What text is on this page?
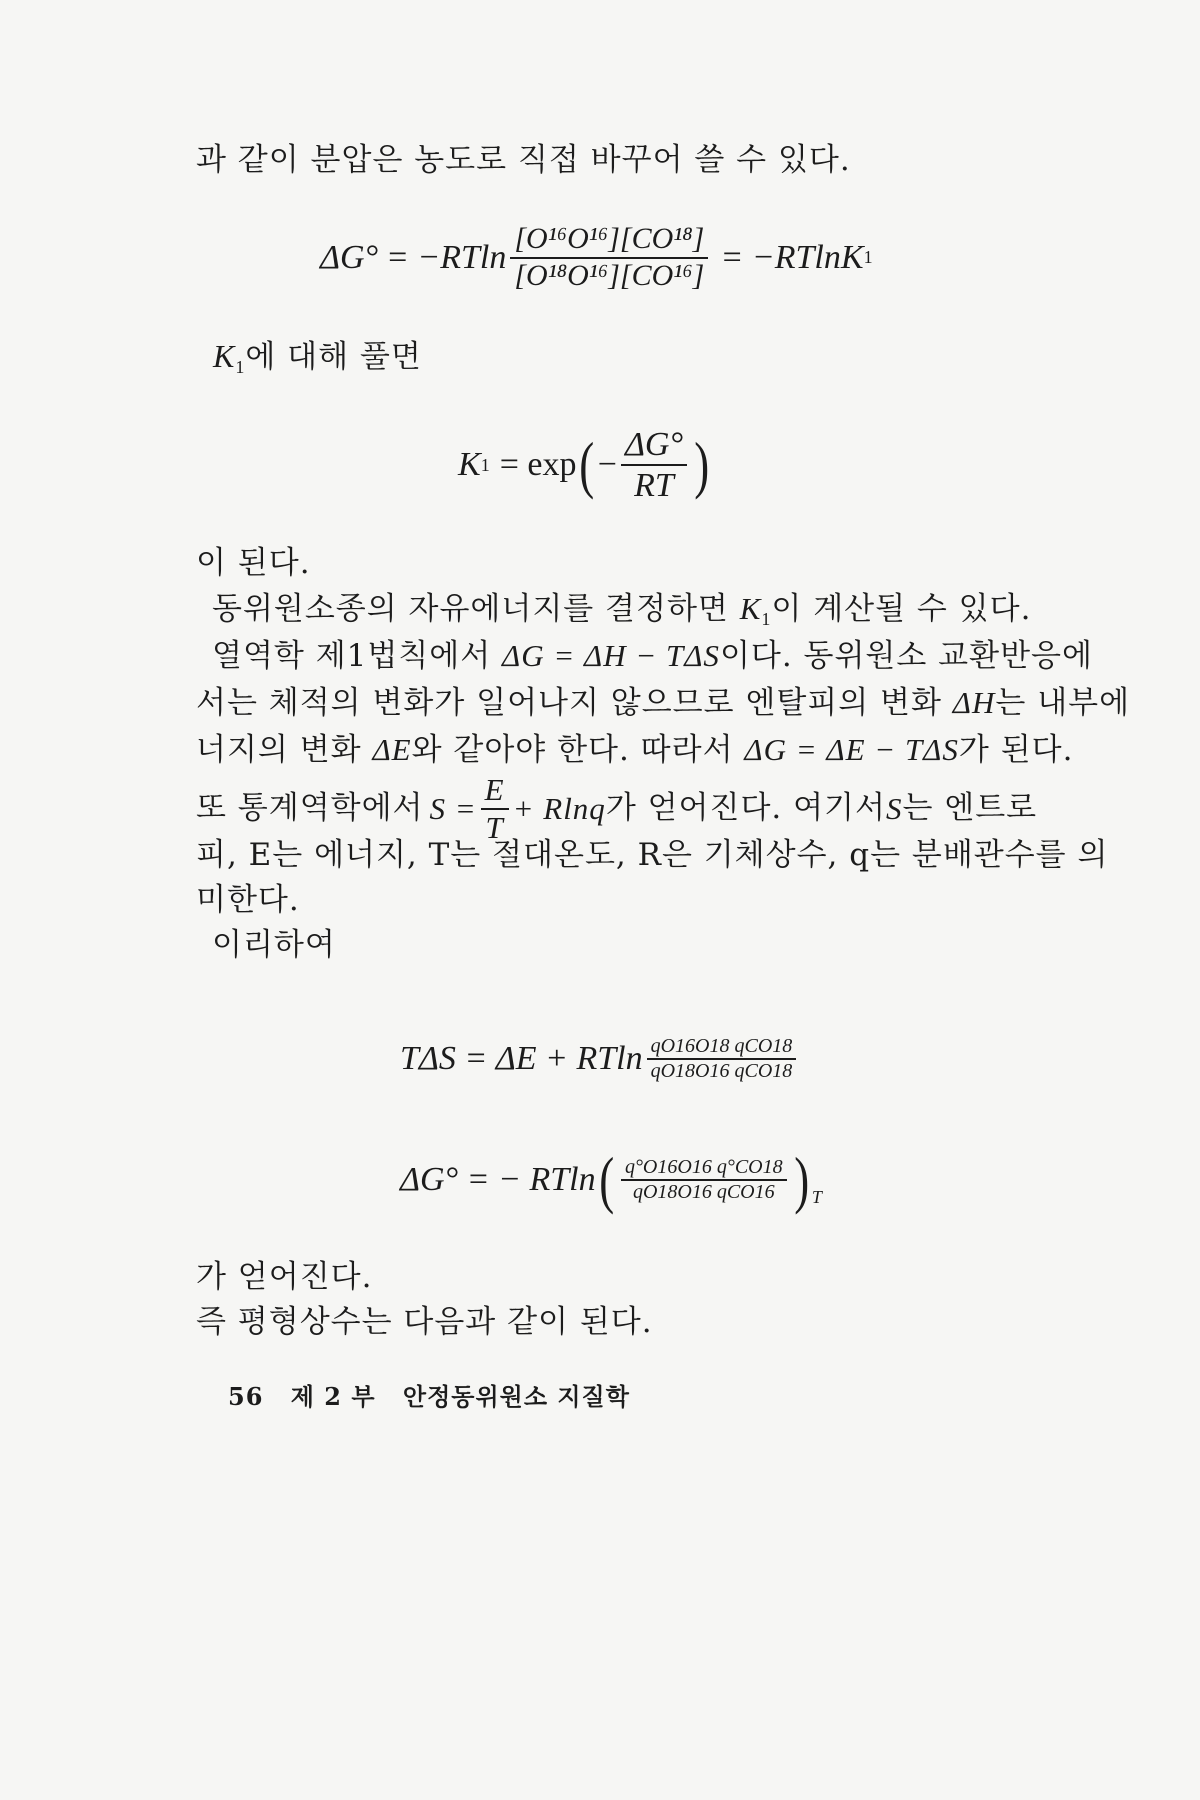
과 같이 분압은 농도로 직접 바꾸어 쓸 수 있다.
$\Delta G^\circ = -RTln \frac{\text{[O¹⁶O¹⁶][CO¹⁸]}}{\text{[O¹⁸O¹⁶][CO¹⁶]}} = -RTlnK$ 1
$K_1$에 대해 풀면
K 1 = exp ( − $\frac{\Delta G^\circ}{RT}$ )
이 된다.
동위원소종의 자유에너지를 결정하면 $K_1$이 계산될 수 있다.
열역학 제1법칙에서 ΔG = ΔH − TΔS이다. 동위원소 교환반응에
서는 체적의 변화가 일어나지 않으므로 엔탈피의 변화 ΔH는 내부에
너지의 변화 ΔE와 같아야 한다. 따라서 ΔG = ΔE − TΔS가 된다.
또 통계역학에서 $S = \frac{E}{T} + Rlnq$ 가 얻어진다. 여기서 S 는 엔트로
피, E는 에너지, T는 절대온도, R은 기체상수, q는 분배관수를 의
미한다.
이리하여
TΔS = ΔE + RTln $\frac{\text{qO16O18 qCO18}}{\text{qO18O16 qCO18}}$
ΔG° = − RTln ( $\frac{q^\circ O16O16 q^\circ CO18}{\text{qO18O16 qCO16}}$ ) T
가 얻어진다.
즉 평형상수는 다음과 같이 된다.
56 제 2 부 안정동위원소 지질학
